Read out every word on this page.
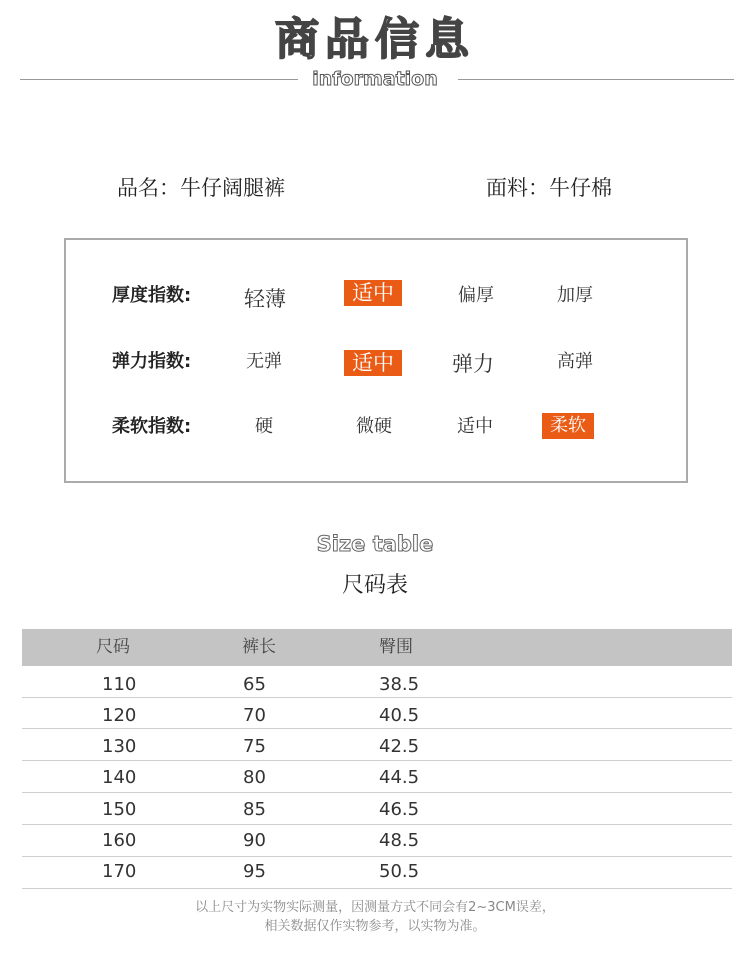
商品信息
information
品名：牛仔阔腿裤	面料：牛仔棉
厚度指数:	轻薄	适中	偏厚	加厚
弹力指数:	无弹	适中	弹力	高弹
柔软指数:	硬	微硬	适中	柔软
Size table
尺码表
尺码	裤长	臀围
110	65	38.5
120	70	40.5
130	75	42.5
140	80	44.5
150	85	46.5
160	90	48.5
170	95	50.5
以上尺寸为实物实际测量，因测量方式不同会有2~3CM误差，
相关数据仅作实物参考，以实物为准。
